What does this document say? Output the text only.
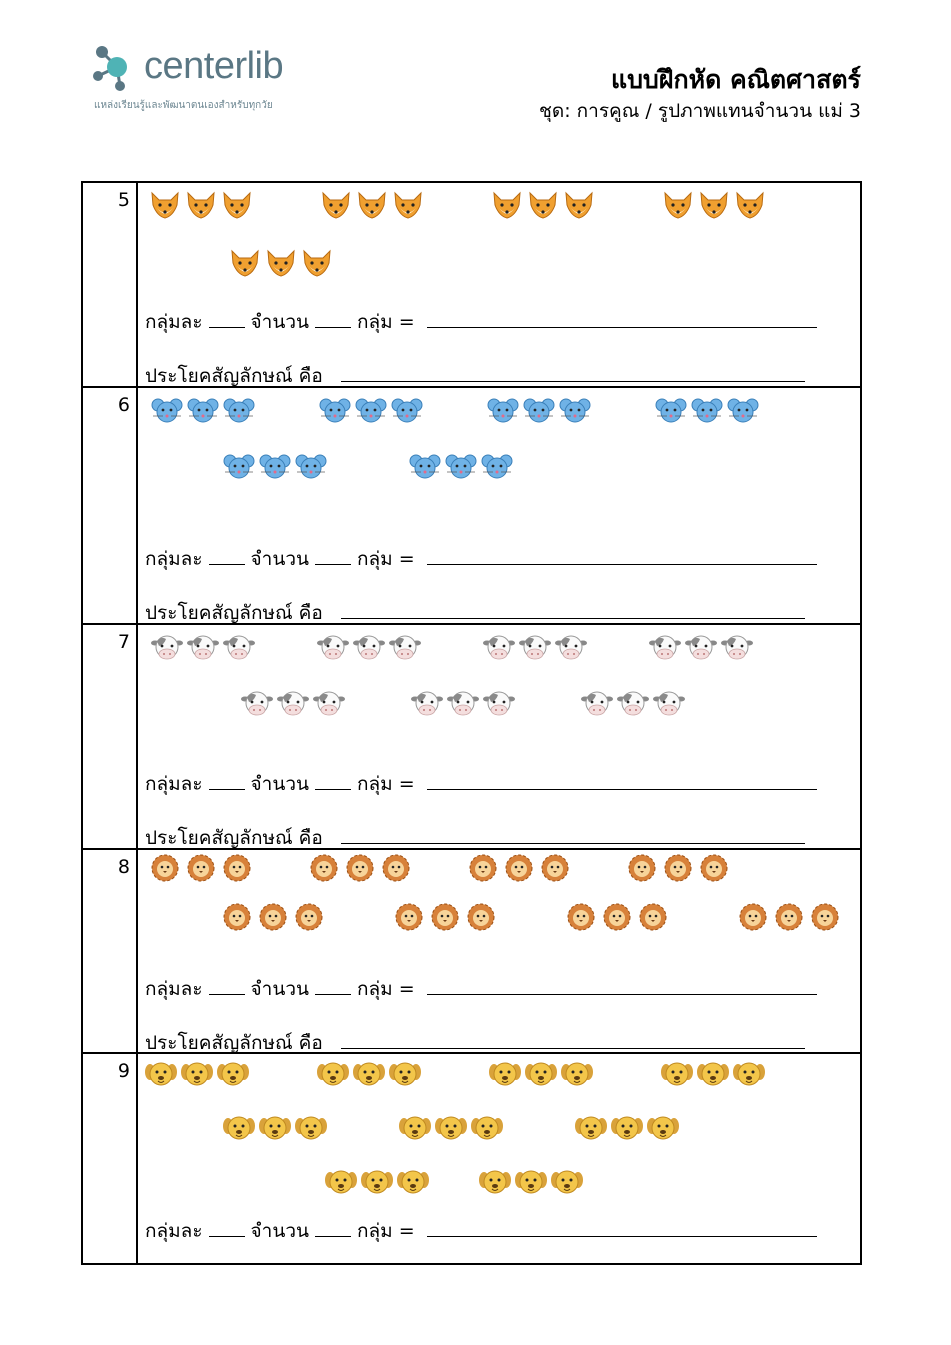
centerlib
แหล่งเรียนรู้และพัฒนาตนเองสำหรับทุกวัย
แบบฝึกหัด คณิตศาสตร์
ชุด: การคูณ / รูปภาพแทนจำนวน แม่ 3
5
กลุ่มละ	จำนวน	กลุ่ม =
ประโยคสัญลักษณ์ คือ
6
กลุ่มละ	จำนวน	กลุ่ม =
ประโยคสัญลักษณ์ คือ
7
กลุ่มละ	จำนวน	กลุ่ม =
ประโยคสัญลักษณ์ คือ
8
กลุ่มละ	จำนวน	กลุ่ม =
ประโยคสัญลักษณ์ คือ
9
กลุ่มละ	จำนวน	กลุ่ม =
